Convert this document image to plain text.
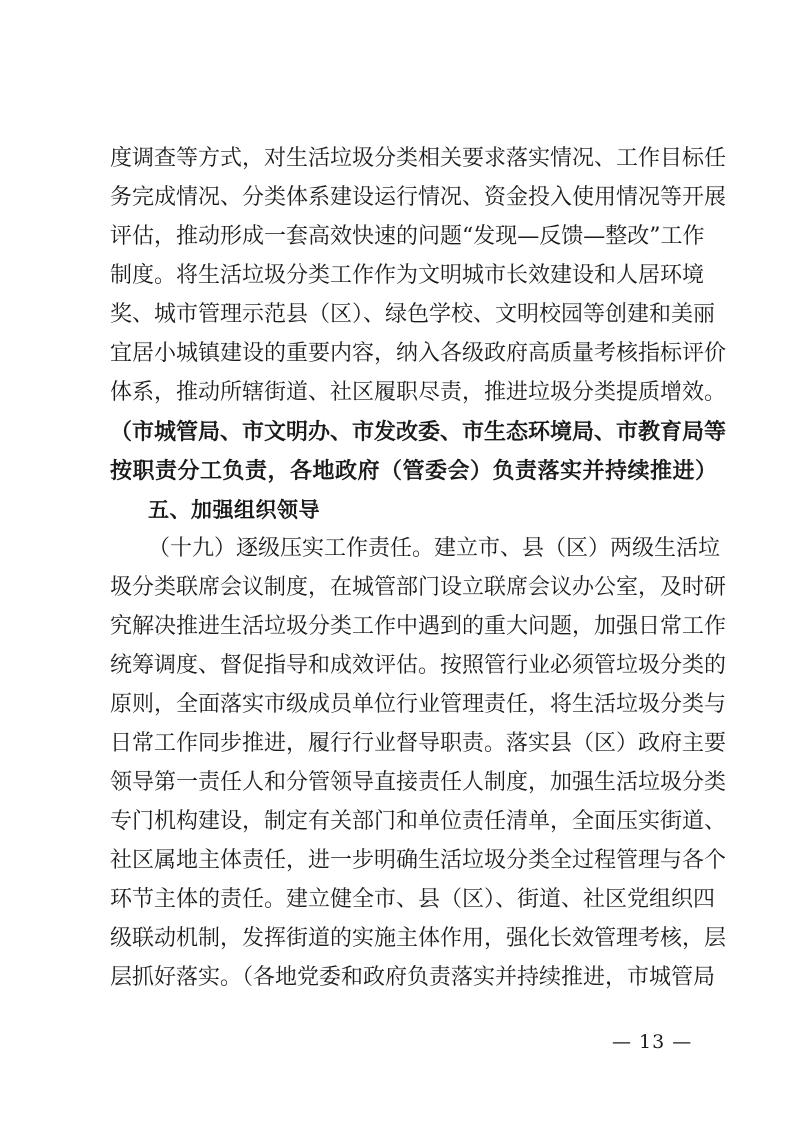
度调查等方式，对生活垃圾分类相关要求落实情况、工作目标任
务完成情况、分类体系建设运行情况、资金投入使用情况等开展
评估，推动形成一套高效快速的问题“发现—反馈—整改”工作
制度。将生活垃圾分类工作作为文明城市长效建设和人居环境
奖、城市管理示范县（区）、绿色学校、文明校园等创建和美丽
宜居小城镇建设的重要内容，纳入各级政府高质量考核指标评价
体系，推动所辖街道、社区履职尽责，推进垃圾分类提质增效。
（市城管局、市文明办、市发改委、市生态环境局、市教育局等
按职责分工负责，各地政府（管委会）负责落实并持续推进）
五、加强组织领导
（十九）逐级压实工作责任。建立市、县（区）两级生活垃
圾分类联席会议制度，在城管部门设立联席会议办公室，及时研
究解决推进生活垃圾分类工作中遇到的重大问题，加强日常工作
统筹调度、督促指导和成效评估。按照管行业必须管垃圾分类的
原则，全面落实市级成员单位行业管理责任，将生活垃圾分类与
日常工作同步推进，履行行业督导职责。落实县（区）政府主要
领导第一责任人和分管领导直接责任人制度，加强生活垃圾分类
专门机构建设，制定有关部门和单位责任清单，全面压实街道、
社区属地主体责任，进一步明确生活垃圾分类全过程管理与各个
环节主体的责任。建立健全市、县（区）、街道、社区党组织四
级联动机制，发挥街道的实施主体作用，强化长效管理考核，层
层抓好落实。（各地党委和政府负责落实并持续推进，市城管局
— 13 —
